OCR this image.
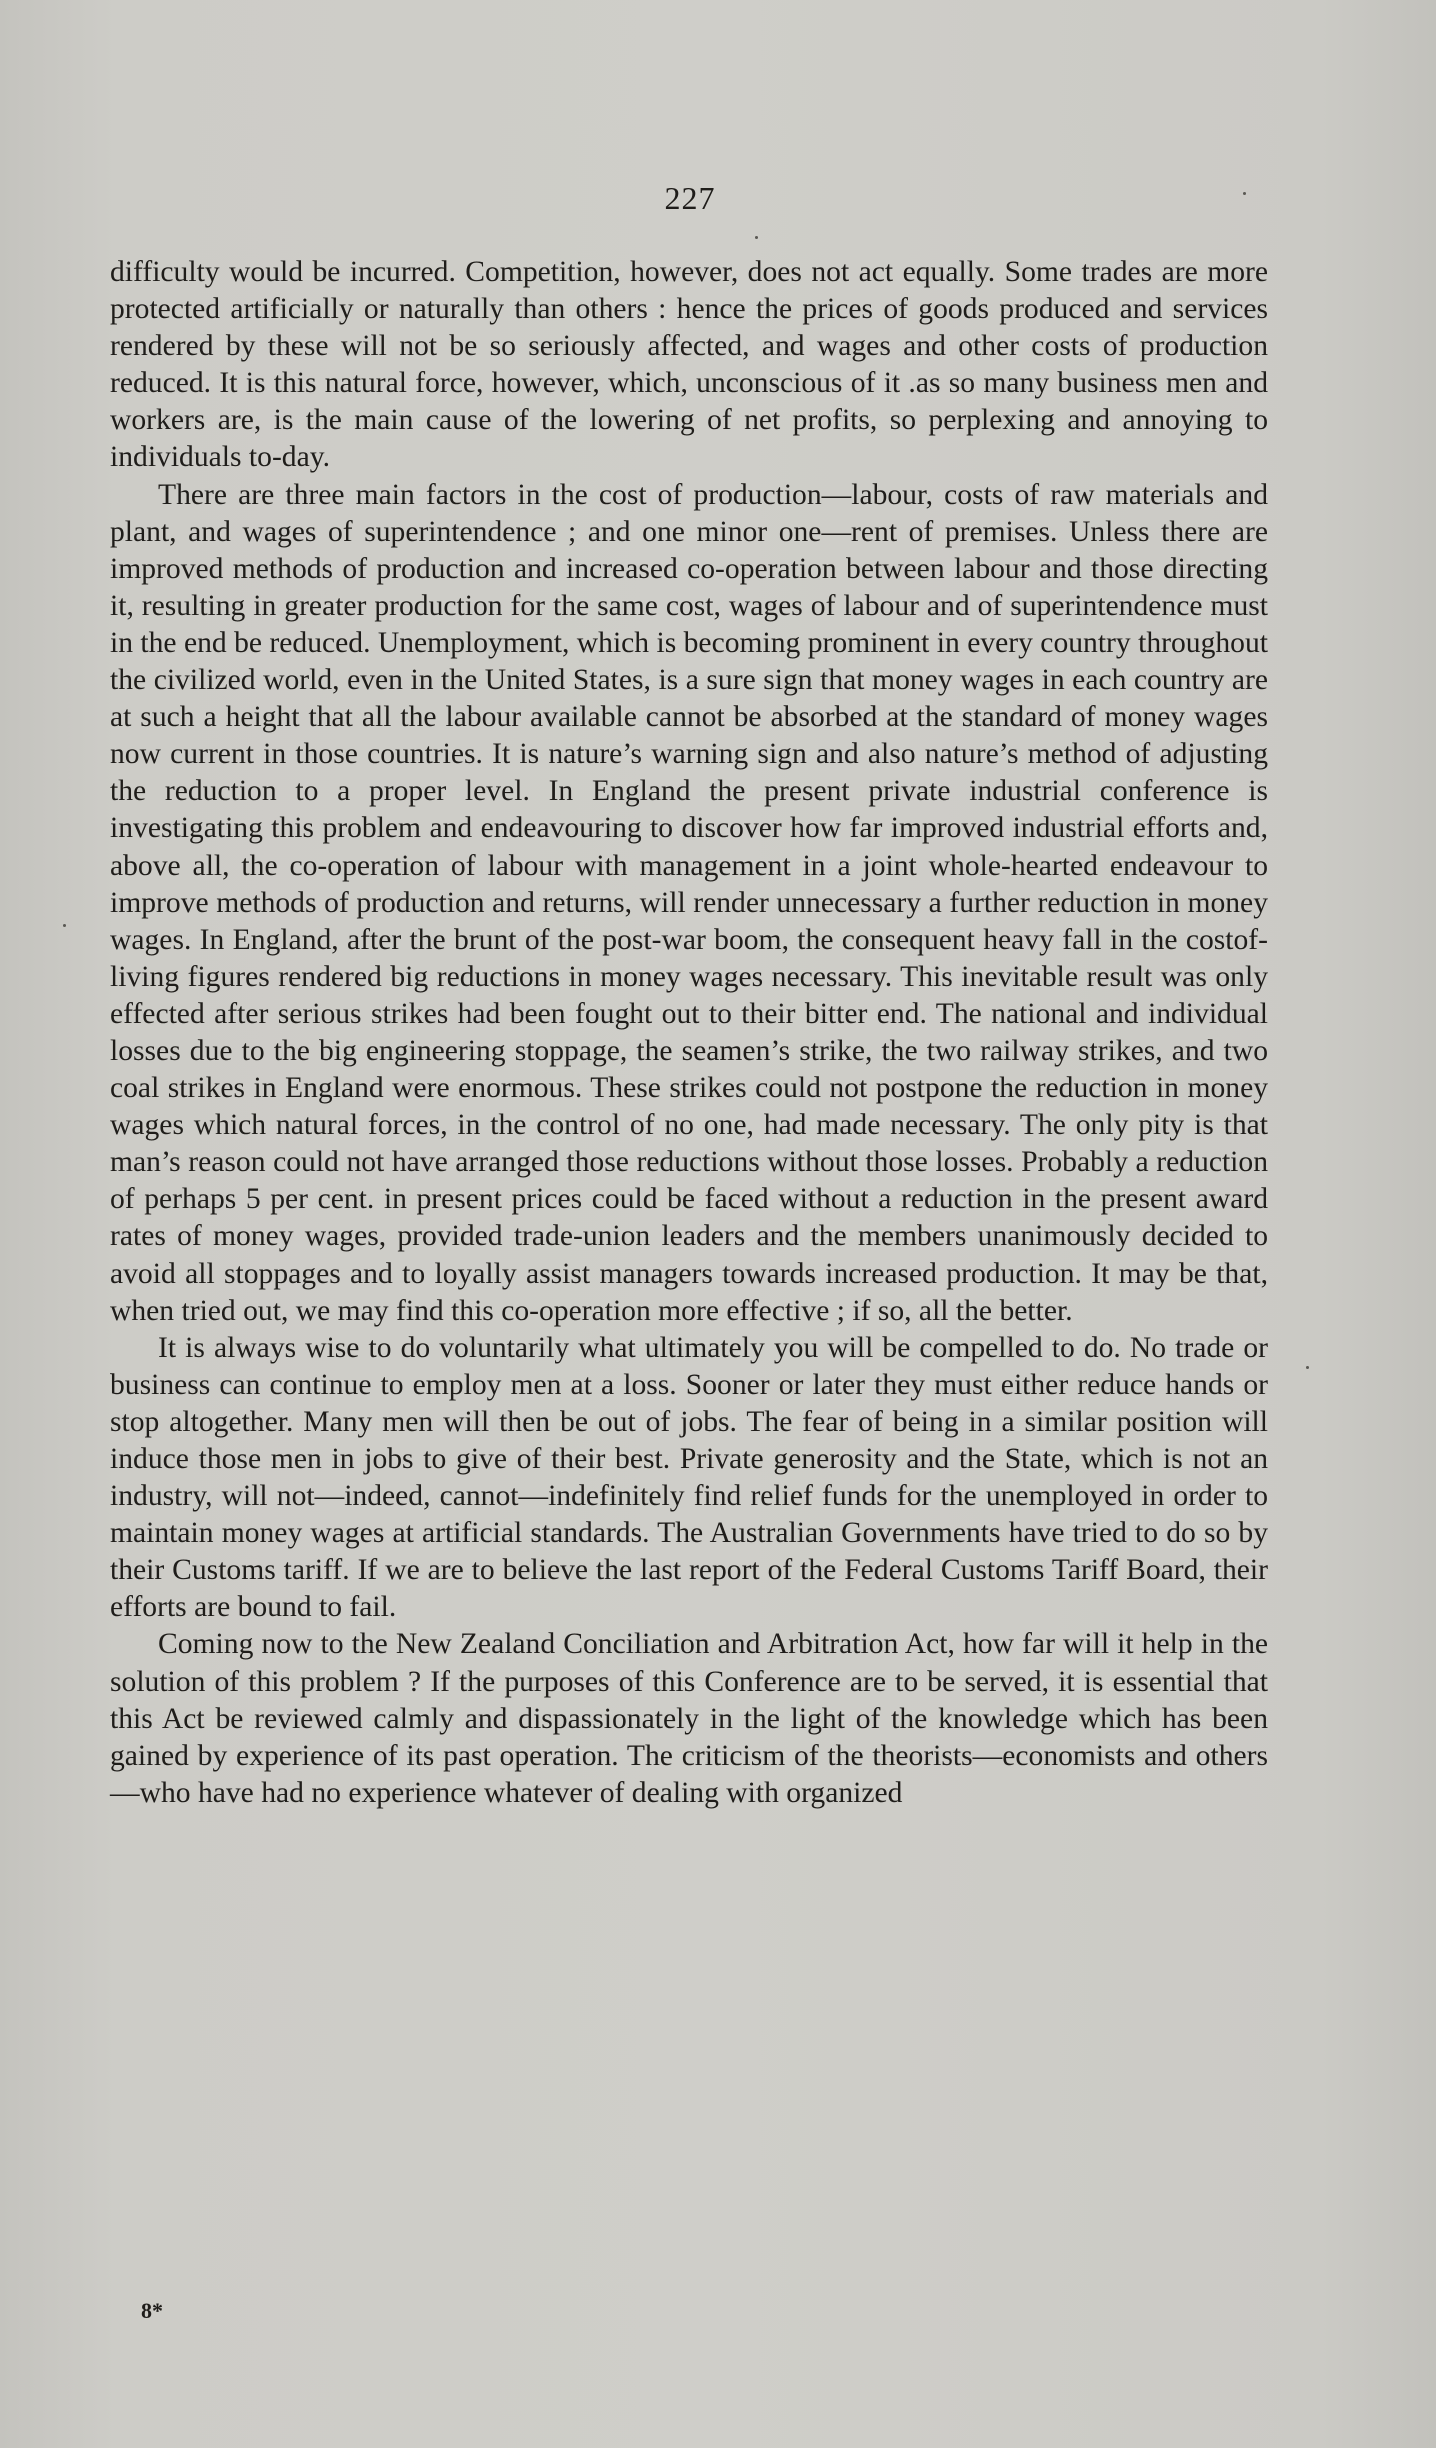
227

difficulty would be incurred. Competition, however, does not act equally. Some trades are more protected artificially or naturally than others : hence the prices of goods produced and services rendered by these will not be so seriously affected, and wages and other costs of production reduced. It is this natural force, however, which, unconscious of it .as so many business men and workers are, is the main cause of the lowering of net profits, so perplexing and annoying to individuals to-day.

There are three main factors in the cost of production—labour, costs of raw materials and plant, and wages of superintendence ; and one minor one—rent of premises. Unless there are improved methods of production and increased co-operation between labour and those directing it, resulting in greater production for the same cost, wages of labour and of superintendence must in the end be reduced. Unemployment, which is becoming prominent in every country throughout the civilized world, even in the United States, is a sure sign that money wages in each country are at such a height that all the labour available cannot be absorbed at the standard of money wages now current in those countries. It is nature’s warning sign and also nature’s method of adjusting the reduction to a proper level. In England the present private industrial conference is investigating this problem and endeavouring to discover how far improved industrial efforts and, above all, the co-operation of labour with management in a joint whole-hearted endeavour to improve methods of production and returns, will render unnecessary a further reduction in money wages. In England, after the brunt of the post-war boom, the consequent heavy fall in the costof-living figures rendered big reductions in money wages necessary. This inevitable result was only effected after serious strikes had been fought out to their bitter end. The national and individual losses due to the big engineering stoppage, the seamen’s strike, the two railway strikes, and two coal strikes in England were enormous. These strikes could not postpone the reduction in money wages which natural forces, in the control of no one, had made necessary. The only pity is that man’s reason could not have arranged those reductions without those losses. Probably a reduction of perhaps 5 per cent. in present prices could be faced without a reduction in the present award rates of money wages, provided trade-union leaders and the members unanimously decided to avoid all stoppages and to loyally assist managers towards increased production. It may be that, when tried out, we may find this co-operation more effective ; if so, all the better.

It is always wise to do voluntarily what ultimately you will be compelled to do. No trade or business can continue to employ men at a loss. Sooner or later they must either reduce hands or stop altogether. Many men will then be out of jobs. The fear of being in a similar position will induce those men in jobs to give of their best. Private generosity and the State, which is not an industry, will not—indeed, cannot—indefinitely find relief funds for the unemployed in order to maintain money wages at artificial standards. The Australian Governments have tried to do so by their Customs tariff. If we are to believe the last report of the Federal Customs Tariff Board, their efforts are bound to fail.

Coming now to the New Zealand Conciliation and Arbitration Act, how far will it help in the solution of this problem ? If the purposes of this Conference are to be served, it is essential that this Act be reviewed calmly and dispassionately in the light of the knowledge which has been gained by experience of its past operation. The criticism of the theorists—economists and others—who have had no experience whatever of dealing with organized

8*
